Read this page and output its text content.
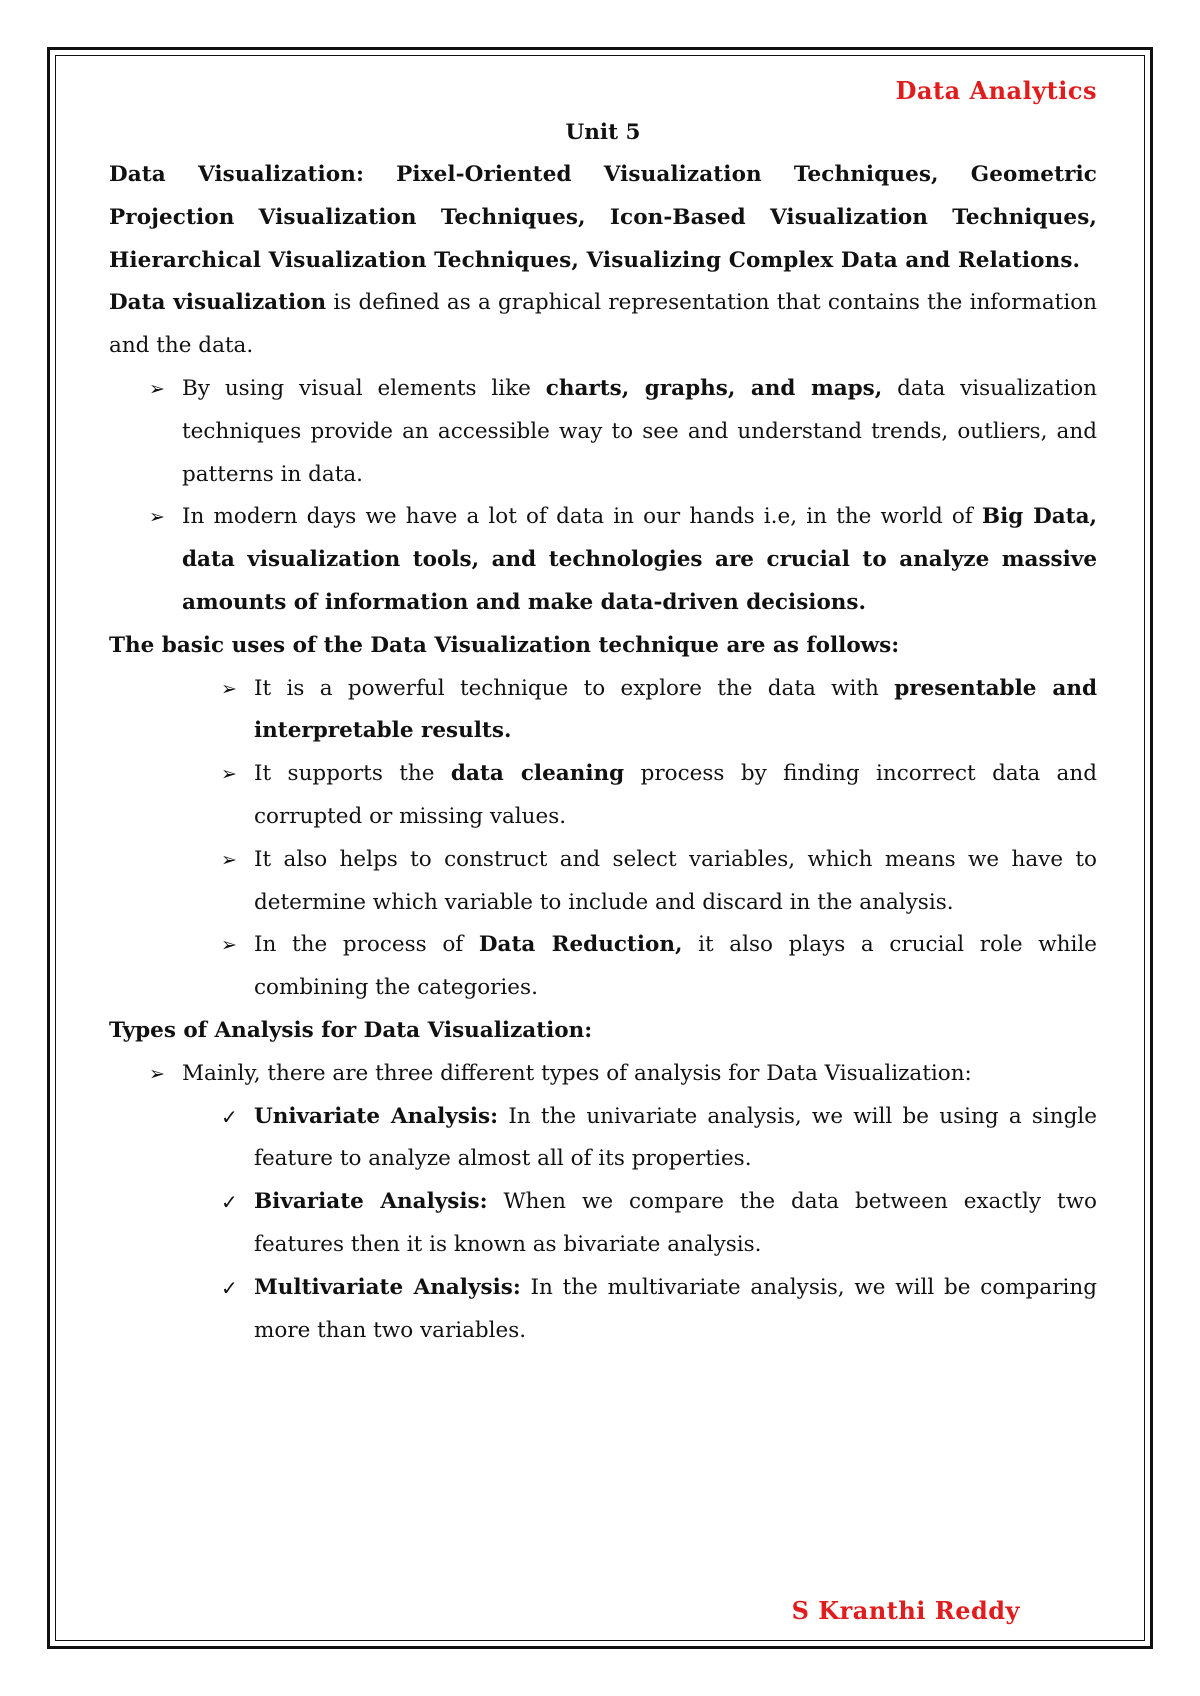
Data Analytics
Unit 5

Data Visualization: Pixel-Oriented Visualization Techniques, Geometric Projection Visualization Techniques, Icon-Based Visualization Techniques, Hierarchical Visualization Techniques, Visualizing Complex Data and Relations.

Data visualization is defined as a graphical representation that contains the information and the data.

➢ By using visual elements like charts, graphs, and maps, data visualization techniques provide an accessible way to see and understand trends, outliers, and patterns in data.
➢ In modern days we have a lot of data in our hands i.e, in the world of Big Data, data visualization tools, and technologies are crucial to analyze massive amounts of information and make data-driven decisions.

The basic uses of the Data Visualization technique are as follows:

➢ It is a powerful technique to explore the data with presentable and interpretable results.
➢ It supports the data cleaning process by finding incorrect data and corrupted or missing values.
➢ It also helps to construct and select variables, which means we have to determine which variable to include and discard in the analysis.
➢ In the process of Data Reduction, it also plays a crucial role while combining the categories.

Types of Analysis for Data Visualization:

➢ Mainly, there are three different types of analysis for Data Visualization:
✓ Univariate Analysis: In the univariate analysis, we will be using a single feature to analyze almost all of its properties.
✓ Bivariate Analysis: When we compare the data between exactly two features then it is known as bivariate analysis.
✓ Multivariate Analysis: In the multivariate analysis, we will be comparing more than two variables.
S Kranthi Reddy
